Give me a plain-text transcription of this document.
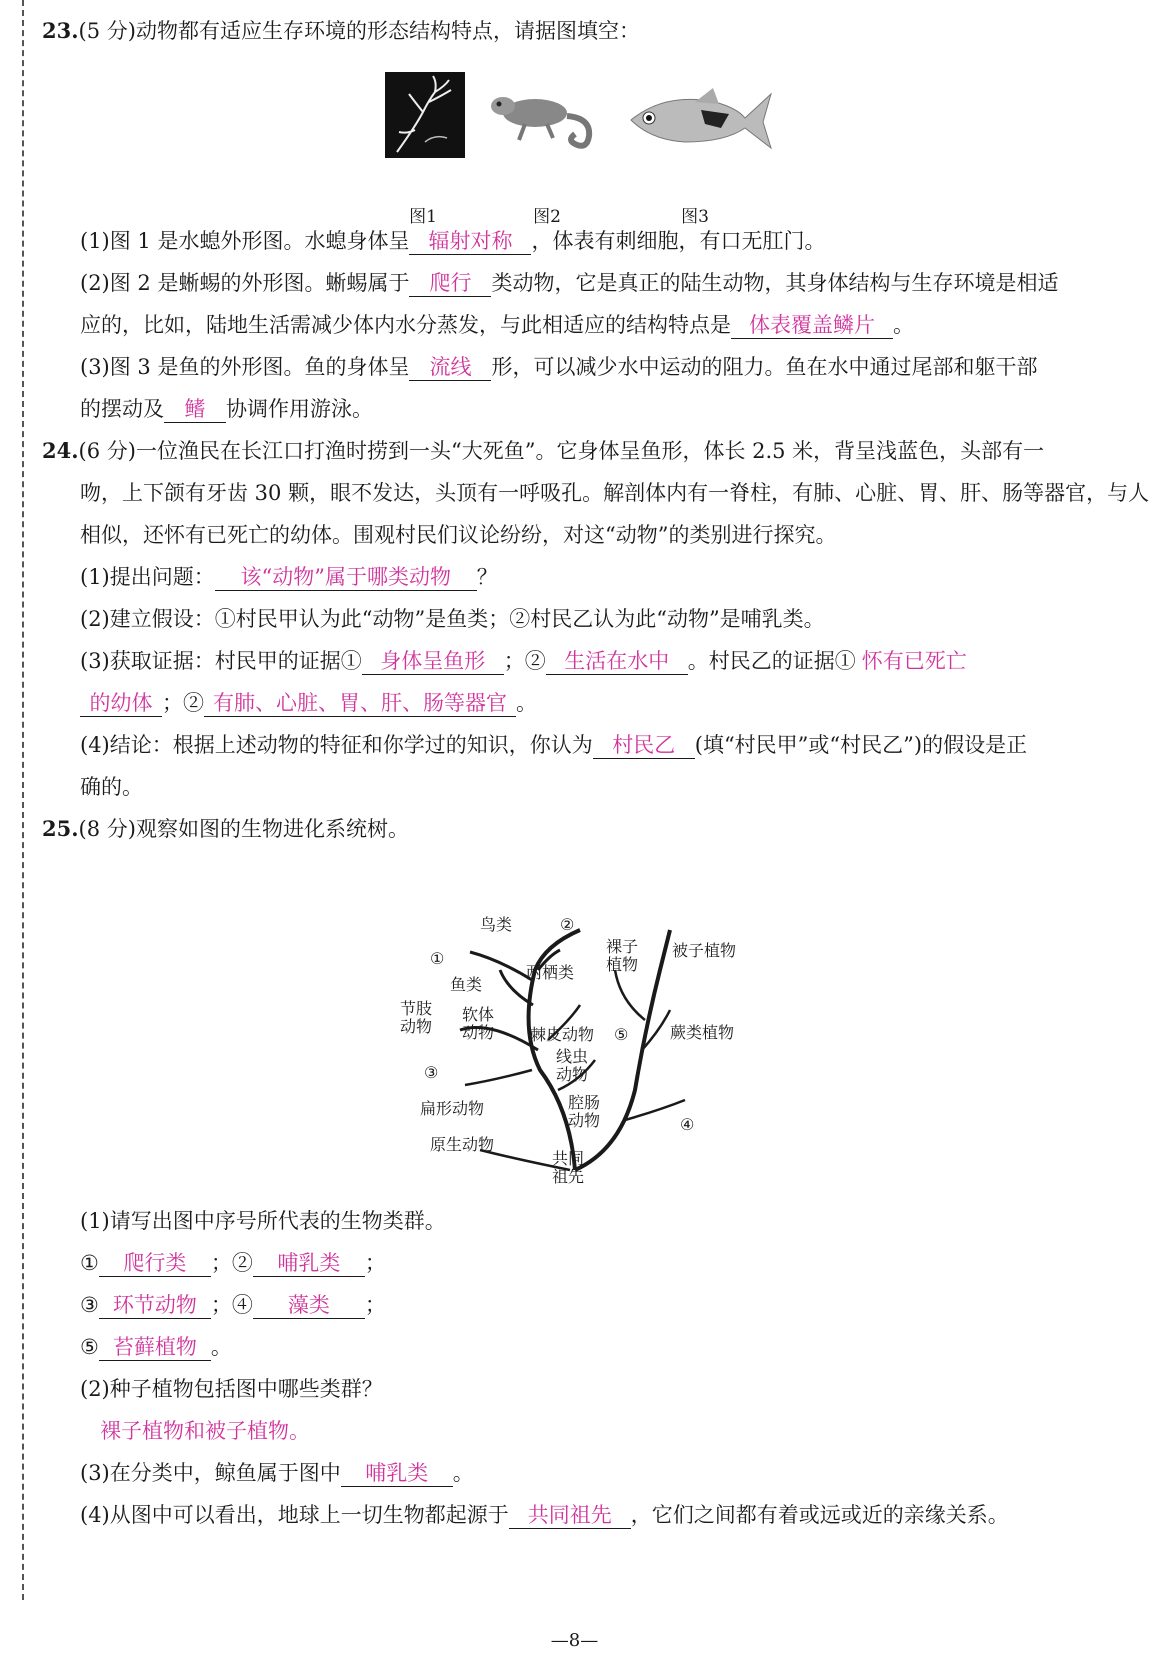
23.(5 分)动物都有适应生存环境的形态结构特点，请据图填空：
图1	图2	图3
(1)图 1 是水螅外形图。水螅身体呈 辐射对称 ，体表有刺细胞，有口无肛门。
(2)图 2 是蜥蜴的外形图。蜥蜴属于 爬行 类动物，它是真正的陆生动物，其身体结构与生存环境是相适
应的，比如，陆地生活需减少体内水分蒸发，与此相适应的结构特点是 体表覆盖鳞片 。
(3)图 3 是鱼的外形图。鱼的身体呈 流线 形，可以减少水中运动的阻力。鱼在水中通过尾部和躯干部
的摆动及 鳍 协调作用游泳。
24.(6 分)一位渔民在长江口打渔时捞到一头“大死鱼”。它身体呈鱼形，体长 2.5 米，背呈浅蓝色，头部有一
吻，上下颌有牙齿 30 颗，眼不发达，头顶有一呼吸孔。解剖体内有一脊柱，有肺、心脏、胃、肝、肠等器官，与人
相似，还怀有已死亡的幼体。围观村民们议论纷纷，对这“动物”的类别进行探究。
(1)提出问题： 该“动物”属于哪类动物 ？
(2)建立假设：①村民甲认为此“动物”是鱼类；②村民乙认为此“动物”是哺乳类。
(3)获取证据：村民甲的证据① 身体呈鱼形 ；② 生活在水中 。村民乙的证据① 怀有已死亡
的幼体 ；② 有肺、心脏、胃、肝、肠等器官 。
(4)结论：根据上述动物的特征和你学过的知识，你认为 村民乙 (填“村民甲”或“村民乙”)的假设是正
确的。
25.(8 分)观察如图的生物进化系统树。
鸟类
①
②
鱼类
两栖类
裸子
植物
被子植物
节肢
动物
软体
动物 棘皮动物 ⑤	蕨类植物
线虫
动物
③
扁形动物	腔肠
动物	④
原生动物
共同
祖先
(1)请写出图中序号所代表的生物类群。
① 爬行类 ；② 哺乳类 ；
③ 环节动物 ；④ 藻类 ；
⑤ 苔藓植物 。
(2)种子植物包括图中哪些类群？
裸子植物和被子植物。
(3)在分类中，鲸鱼属于图中 哺乳类 。
(4)从图中可以看出，地球上一切生物都起源于 共同祖先 ，它们之间都有着或远或近的亲缘关系。
—8—
